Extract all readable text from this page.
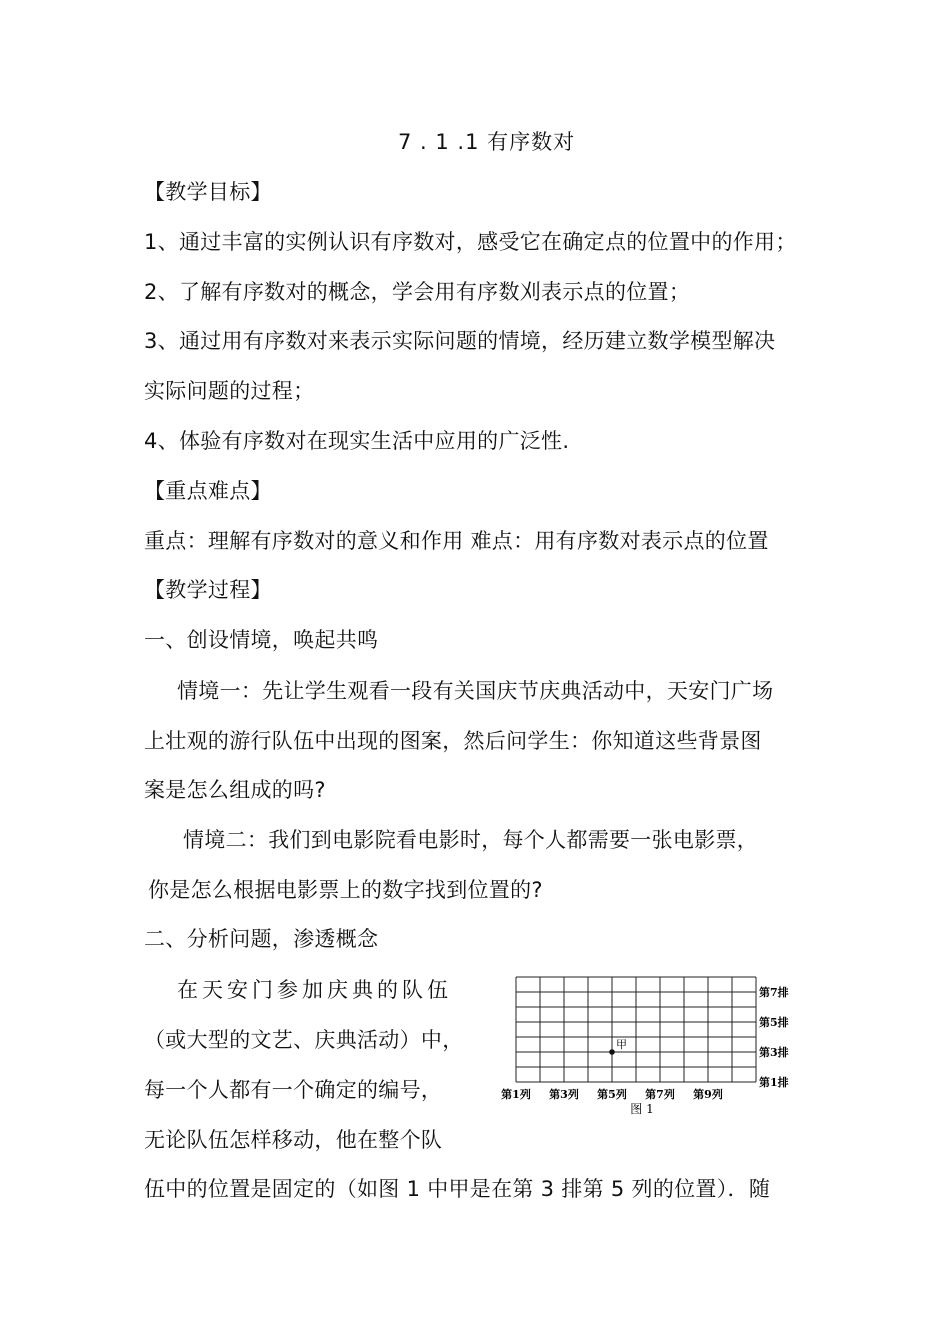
7 . 1 .1 有序数对
【教学目标】
1、通过丰富的实例认识有序数对，感受它在确定点的位置中的作用；
2、了解有序数对的概念，学会用有序数刈表示点的位置；
3、通过用有序数对来表示实际问题的情境，经历建立数学模型解决
实际问题的过程；
4、体验有序数对在现实生活中应用的广泛性.
【重点难点】
重点：理解有序数对的意义和作用 难点：用有序数对表示点的位置
【教学过程】
一、创设情境，唤起共鸣
情境一：先让学生观看一段有关国庆节庆典活动中，天安门广场
上壮观的游行队伍中出现的图案，然后问学生：你知道这些背景图
案是怎么组成的吗?
情境二：我们到电影院看电影时，每个人都需要一张电影票，
你是怎么根据电影票上的数字找到位置的?
二、分析问题，渗透概念
在天安门参加庆典的队伍
（或大型的文艺、庆典活动）中，
每一个人都有一个确定的编号，
无论队伍怎样移动，他在整个队
伍中的位置是固定的（如图 1 中甲是在第 3 排第 5 列的位置）．随
甲
第7排
第5排
第3排
第1排
第1列 第3列 第5列 第7列 第9列
图 1
